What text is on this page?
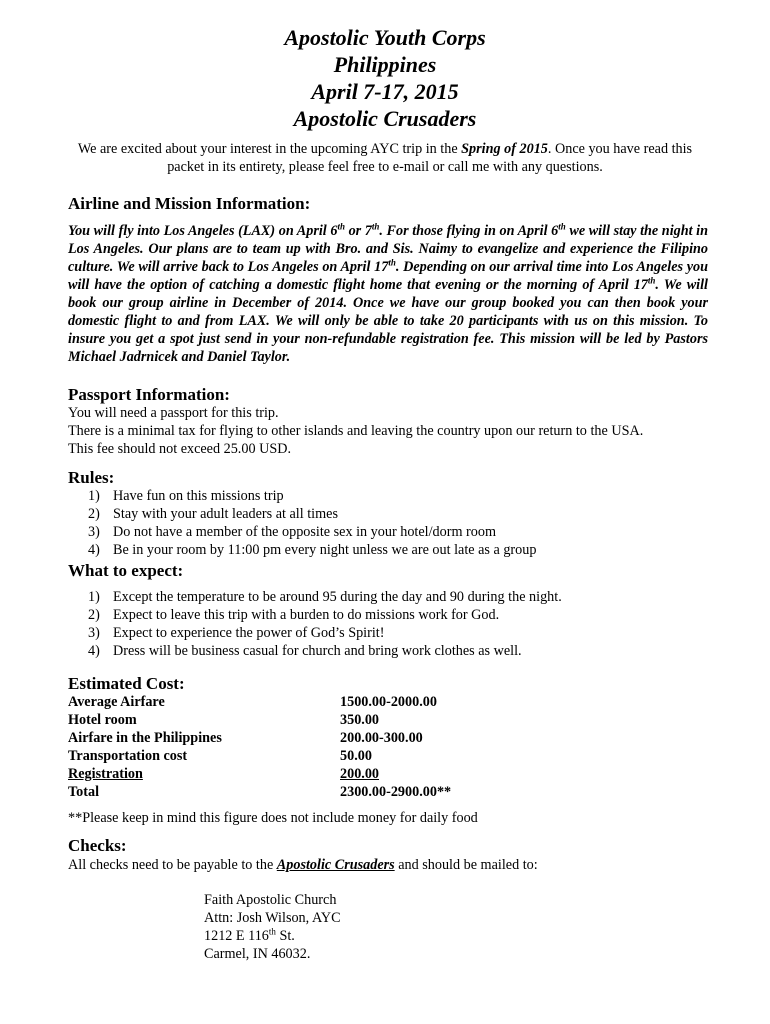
Apostolic Youth Corps
Philippines
April 7-17, 2015
Apostolic Crusaders
We are excited about your interest in the upcoming AYC trip in the Spring of 2015. Once you have read this packet in its entirety, please feel free to e-mail or call me with any questions.
Airline and Mission Information:
You will fly into Los Angeles (LAX) on April 6th or 7th. For those flying in on April 6th we will stay the night in Los Angeles. Our plans are to team up with Bro. and Sis. Naimy to evangelize and experience the Filipino culture. We will arrive back to Los Angeles on April 17th. Depending on our arrival time into Los Angeles you will have the option of catching a domestic flight home that evening or the morning of April 17th. We will book our group airline in December of 2014. Once we have our group booked you can then book your domestic flight to and from LAX. We will only be able to take 20 participants with us on this mission. To insure you get a spot just send in your non-refundable registration fee. This mission will be led by Pastors Michael Jadrnicek and Daniel Taylor.
Passport Information:
You will need a passport for this trip.
There is a minimal tax for flying to other islands and leaving the country upon our return to the USA.
This fee should not exceed 25.00 USD.
Rules:
1) Have fun on this missions trip
2) Stay with your adult leaders at all times
3) Do not have a member of the opposite sex in your hotel/dorm room
4) Be in your room by 11:00 pm every night unless we are out late as a group
What to expect:
1) Except the temperature to be around 95 during the day and 90 during the night.
2) Expect to leave this trip with a burden to do missions work for God.
3) Expect to experience the power of God’s Spirit!
4) Dress will be business casual for church and bring work clothes as well.
Estimated Cost:
Average Airfare	1500.00-2000.00
Hotel room	350.00
Airfare in the Philippines	200.00-300.00
Transportation cost	50.00
Registration	200.00
Total	2300.00-2900.00**
**Please keep in mind this figure does not include money for daily food
Checks:
All checks need to be payable to the Apostolic Crusaders and should be mailed to:
Faith Apostolic Church
Attn: Josh Wilson, AYC
1212 E 116th St.
Carmel, IN 46032.
